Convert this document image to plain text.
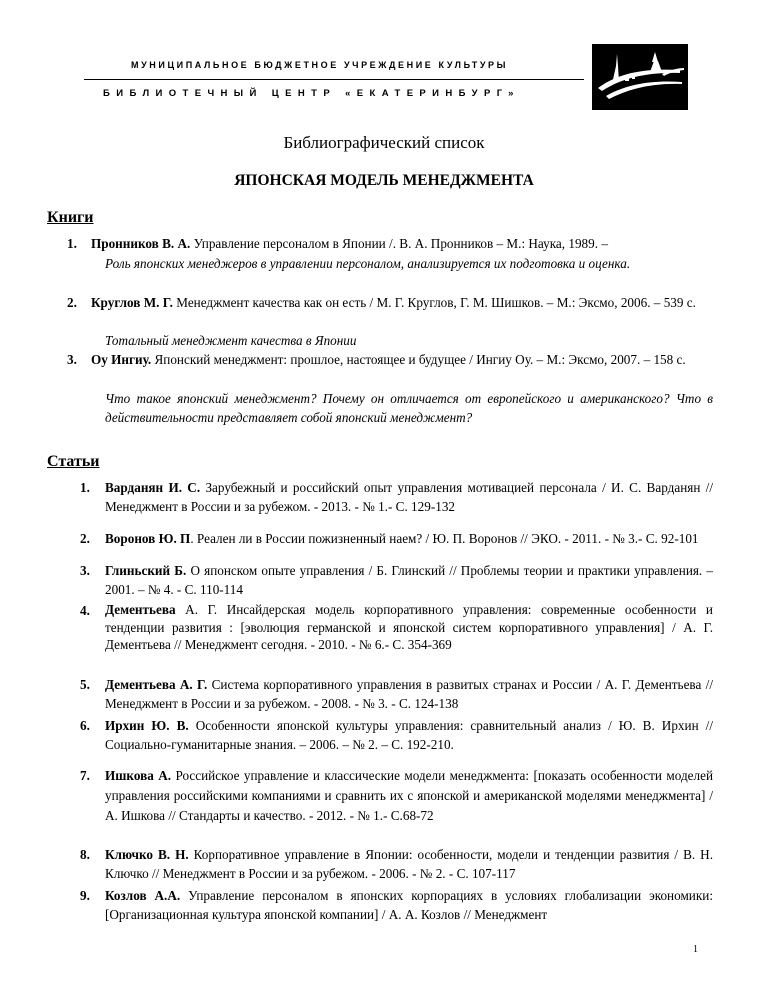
МУНИЦИПАЛЬНОЕ БЮДЖЕТНОЕ УЧРЕЖДЕНИЕ КУЛЬТУРЫ
БИБЛИОТЕЧНЫЙ ЦЕНТР «ЕКАТЕРИНБУРГ»
Библиографический список
ЯПОНСКАЯ МОДЕЛЬ МЕНЕДЖМЕНТА
Книги
1. Пронников В. А. Управление персоналом в Японии /. В. А. Пронников – М.: Наука, 1989. –
Роль японских менеджеров в управлении персоналом, анализируется их подготовка и оценка.
2. Круглов М. Г. Менеджмент качества как он есть / М. Г. Круглов, Г. М. Шишков. – М.: Эксмо, 2006. – 539 с.
Тотальный менеджмент качества в Японии
3. Оу Ингиу. Японский менеджмент: прошлое, настоящее и будущее / Ингиу Оу. – М.: Эксмо, 2007. – 158 с.
Что такое японский менеджмент? Почему он отличается от европейского и американского? Что в действительности представляет собой японский менеджмент?
Статьи
1. Варданян И. С. Зарубежный и российский опыт управления мотивацией персонала / И. С. Варданян // Менеджмент в России и за рубежом. - 2013. - № 1.- С. 129-132
2. Воронов Ю. П. Реален ли в России пожизненный наем? / Ю. П. Воронов // ЭКО. - 2011. - № 3.- С. 92-101
3. Глиньский Б. О японском опыте управления / Б. Глинский // Проблемы теории и практики управления. – 2001. – № 4. - С. 110-114
4. Дементьева А. Г. Инсайдерская модель корпоративного управления: современные особенности и тенденции развития : [эволюция германской и японской систем корпоративного управления] / А. Г. Дементьева // Менеджмент сегодня. - 2010. - № 6.- С. 354-369
5. Дементьева А. Г. Система корпоративного управления в развитых странах и России / А. Г. Дементьева // Менеджмент в России и за рубежом. - 2008. - № 3. - С. 124-138
6. Ирхин Ю. В. Особенности японской культуры управления: сравнительный анализ / Ю. В. Ирхин // Социально-гуманитарные знания. – 2006. – № 2. – С. 192-210.
7. Ишкова А. Российское управление и классические модели менеджмента: [показать особенности моделей управления российскими компаниями и сравнить их с японской и американской моделями менеджмента] / А. Ишкова // Стандарты и качество. - 2012. - № 1.- С.68-72
8. Ключко В. Н. Корпоративное управление в Японии: особенности, модели и тенденции развития / В. Н. Ключко // Менеджмент в России и за рубежом. - 2006. - № 2. - С. 107-117
9. Козлов А.А. Управление персоналом в японских корпорациях в условиях глобализации экономики: [Организационная культура японской компании] / А. А. Козлов // Менеджмент
1
